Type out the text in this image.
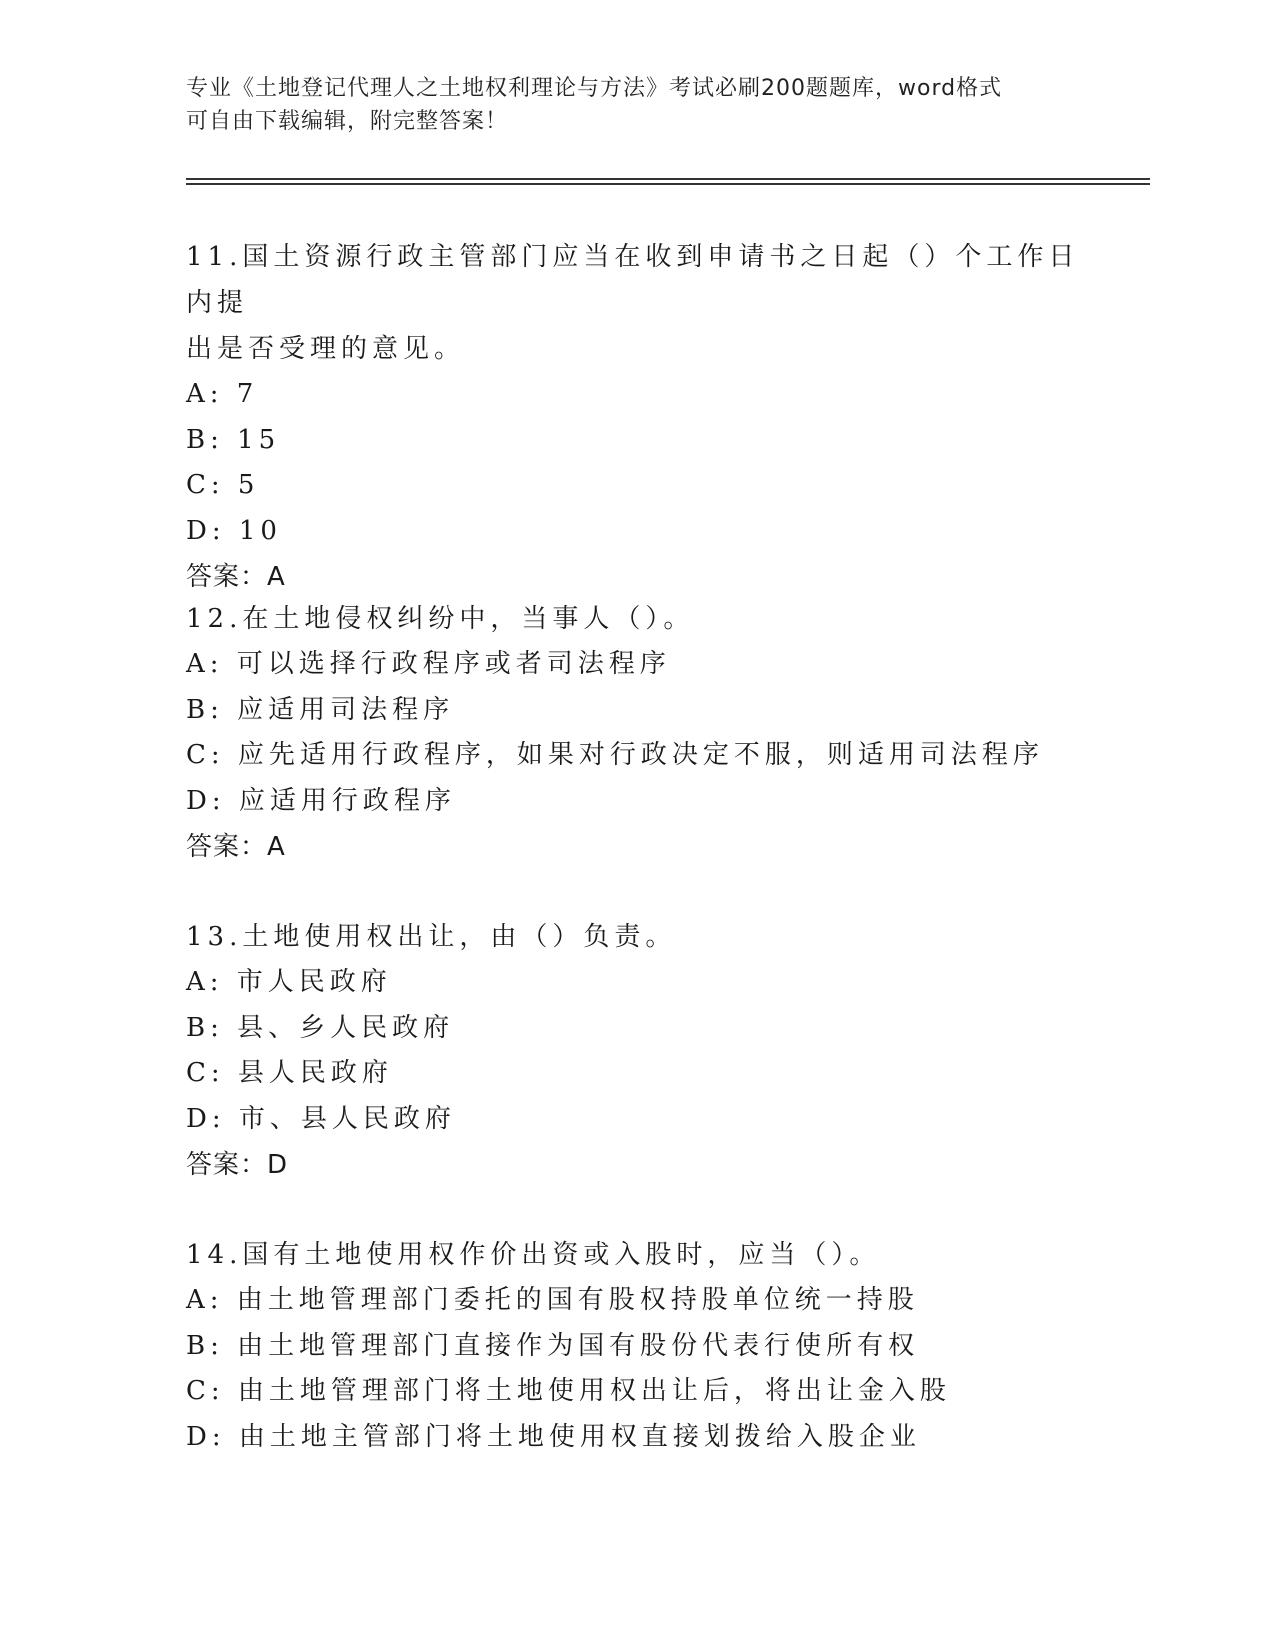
专业《土地登记代理人之土地权利理论与方法》考试必刷200题题库，word格式
可自由下载编辑，附完整答案！
11.国土资源行政主管部门应当在收到申请书之日起（）个工作日内提
出是否受理的意见。
A: 7
B: 15
C: 5
D: 10
答案：A
12.在土地侵权纠纷中，当事人（）。
A: 可以选择行政程序或者司法程序
B: 应适用司法程序
C: 应先适用行政程序，如果对行政决定不服，则适用司法程序
D: 应适用行政程序
答案：A
13.土地使用权出让，由（）负责。
A: 市人民政府
B: 县、乡人民政府
C: 县人民政府
D: 市、县人民政府
答案：D
14.国有土地使用权作价出资或入股时，应当（）。
A: 由土地管理部门委托的国有股权持股单位统一持股
B: 由土地管理部门直接作为国有股份代表行使所有权
C: 由土地管理部门将土地使用权出让后，将出让金入股
D: 由土地主管部门将土地使用权直接划拨给入股企业
